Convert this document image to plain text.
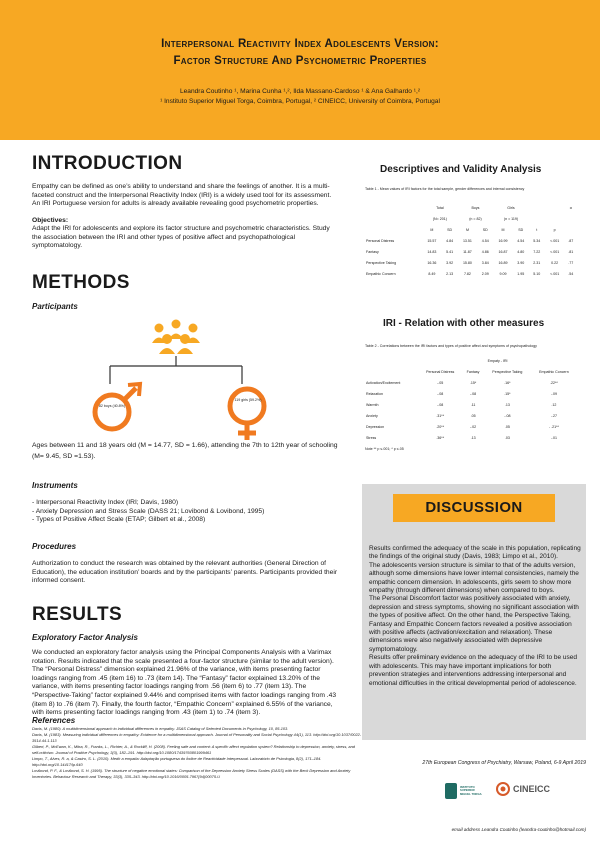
Interpersonal Reactivity Index Adolescents Version:
Factor Structure And Psychometric Properties
Leandra Coutinho ¹, Marina Cunha ¹,², Ilda Massano-Cardoso ¹ & Ana Galhardo ¹,²
¹ Instituto Superior Miguel Torga, Coimbra, Portugal, ² CINEICC, University of Coimbra, Portugal
INTRODUCTION
Empathy can be defined as one’s ability to understand and share the feelings of another. It is a multi-faceted construct and the Interpersonal Reactivity Index (IRI) is a widely used tool for its assessment. An IRI Portuguese version for adults is already available revealing good psychometric properties.
Objectives:
Adapt the IRI for adolescents and explore its factor structure and psychometric characteristics. Study the association between the IRI and other types of positive affect and psychopathological symptomatology.
METHODS
Participants
82 boys (40.8%)
119 girls (59.2%)
Ages between 11 and 18 years old (M = 14.77, SD = 1.66), attending the 7th to 12th year of schooling (M= 9.45, SD =1.53).
Instruments
- Interpersonal Reactivity Index (IRI; Davis, 1980)
- Anxiety Depression and Stress Scale (DASS 21; Lovibond & Lovibond, 1995)
- Types of Positive Affect Scale (ETAP; Gilbert et al., 2008)
Procedures
Authorization to conduct the research was obtained by the relevant authorities (General Direction of Education), the education institution’ boards and by the participants’ parents. Participants provided their informed consent.
RESULTS
Exploratory Factor Analysis
We conducted an exploratory factor analysis using the Principal Components Analysis with a Varimax rotation. Results indicated that the scale presented a four-factor structure (similar to the adult version). The “Personal Distress” dimension explained 21.96% of the variance, with items presenting factor loadings ranging from .45 (item 16) to .73 (item 14). The “Fantasy” factor explained 13.20% of the variance, with items presenting factor loadings ranging from .56 (item 6) to .77 (item 13). The “Perspective-Taking” factor explained 9.44% and comprised items with factor loadings ranging from .43 (item 8) to .76 (item 7). Finally, the fourth factor, “Empathic Concern” explained 6.55% of the variance, with items presenting factor loadings ranging from .43 (item 1) to .74 (item 3).
References
Davis, M. (1980). A multidimensional approach to individual differences in empathy. JSAS Catalog of Selected Documents in Psychology, 10, 85-103.
Davis, M. (1983). Measuring individual differences in empathy: Evidence for a multidimensional approach. Journal of Personality and Social Psychology 44(1), 113. http://doi.org/10.1037/0022-3514.44.1.113
Gilbert, P., McEwan, K., Mitra, R., Franks, L., Richter, A., & Rockliff, H. (2008). Feeling safe and content: A specific affect regulation system? Relationship to depression, anxiety, stress, and self-criticism. Journal of Positive Psychology, 3(3), 182–191. http://doi.org/10.1080/17439760801999461
Limpo, T., Alves, R. a, & Castro, S. L. (2010). Medir a empatia: Adaptação portuguesa do Índice de Reactividade Interpessoal. Laboratório de Psicologia, 8(2), 171–184. http://doi.org/10.14417/lp.640
Lovibond, P. F., & Lovibond, S. H. (1995). The structure of negative emotional states: Comparison of the Depression Anxiety Stress Scales (DASS) with the Beck Depression and Anxiety Inventories. Behaviour Research and Therapy, 33(3), 335–343. http://doi.org/10.1016/0005-7967(94)00075-U
Descriptives and Validity Analysis
Table 1 - Mean values of IRI factors for the total sample, gender differences and internal consistency
	Total		Boys		Girls				α
	(N= 201)		(n = 82)		(n = 119)				
	M	SD	M	SD	M	SD	t	p	
Personal Distress	15.57	4.84	13.51	4.54	16.99	4.54	5.34	<.001	.87
Fantasy	14.83	5.41	11.87	4.86	16.87	4.80	7.22	<.001	.81
Perspective Taking	16.36	3.92	15.80	3.84	16.89	3.90	2.31	0.22	.77
Empathic Concern	8.49	2.13	7.82	2.09	9.09	1.95	5.10	<.001	.54
IRI - Relation with other measures
Table 2 - Correlations between the IRI factors and types of positive affect and symptoms of psychopathology
	Empaty - IRI			
	Personal Distress	Fantasy	Perspective Taking	Empathic Concern
Activation/Excitement	-.05	.15*	.16*	.22**
Relaxation	-.08	-.08	.15*	-.09
Warmth	-.08	.11	.13	.12
Anxiety	.31**	.05	-.08	-.27
Depression	.20**	-.02	.05	- .21**
Stress	.36**	.13	.03	-.01
Note ** p ≤.001; * p ≤.05
DISCUSSION
Results confirmed the adequacy of the scale in this population, replicating the findings of the original study (Davis, 1983; Limpo et al., 2010).
The adolescents version structure is similar to that of the adults version, although some dimensions have lower internal consistencies, namely the empathic concern dimension. In adolescents, girls seem to show more empathy (through different dimensions) when compared to boys.
The Personal Discomfort factor was positively associated with anxiety, depression and stress symptoms, showing no significant association with the types of positive affect. On the other hand, the Perspective Taking, Fantasy and Empathic Concern factors revealed a positive association with positive affects (activation/excitation and relaxation). These dimensions were also negatively associated with depressive symptomatology.
Results offer preliminary evidence on the adequacy of the IRI to be used with adolescents. This may have important implications for both prevention strategies and interventions addressing interpersonal and emotional difficulties in the critical developmental period of adolescence.
27th European Congress of Psychiatry, Warsaw, Poland, 6-9 April 2019
INSTITUTO SUPERIOR MIGUEL TORGA	CINEICC
email address Leandra Coutinho (leandra-coutinho@hotmail.com)
